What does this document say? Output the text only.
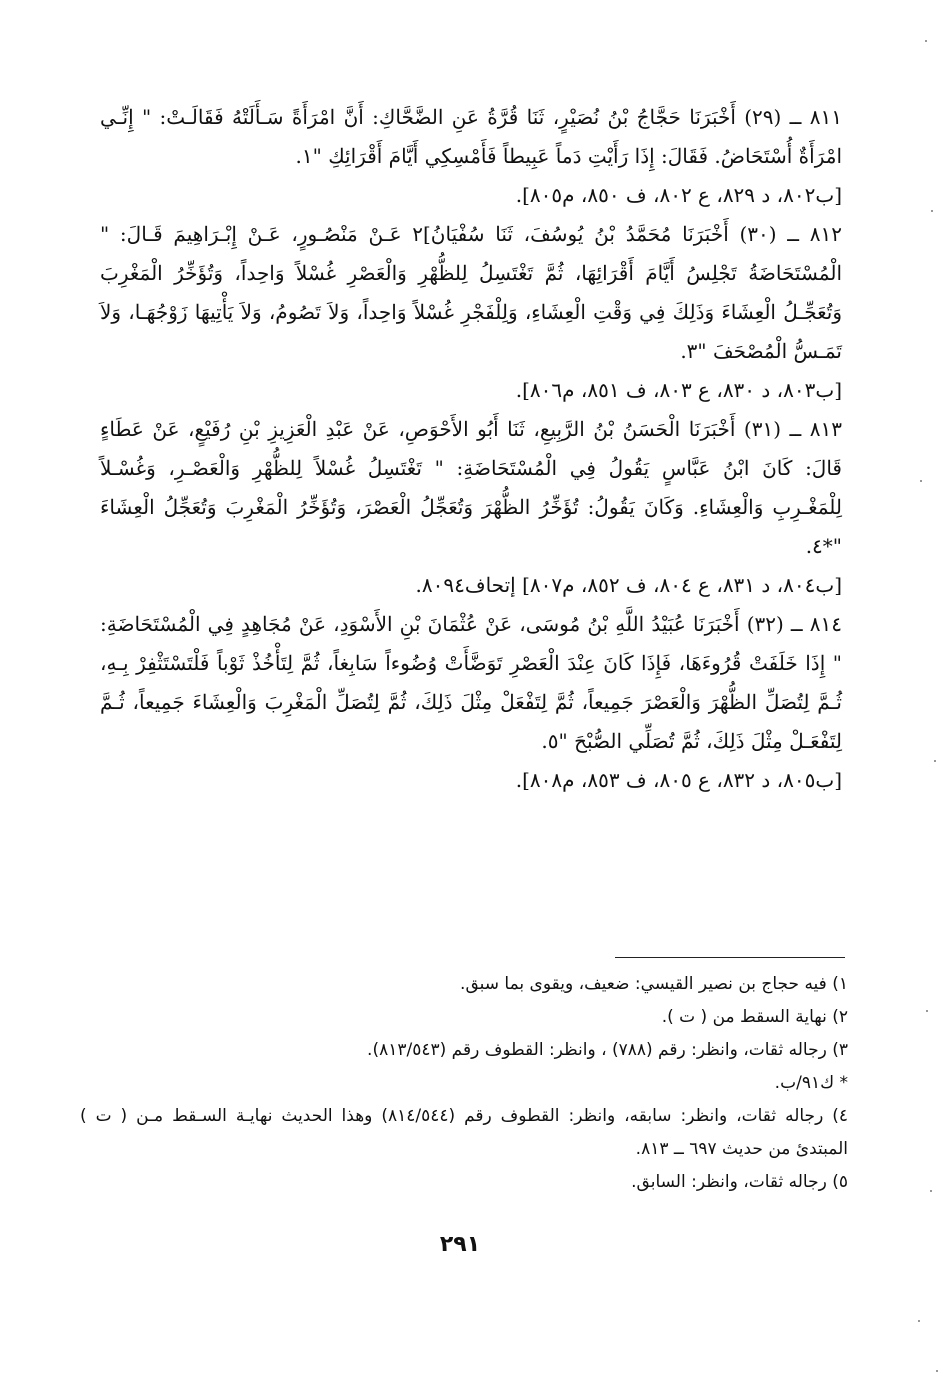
٨١١ ــ (٢٩) أَخْبَرَنَا حَجَّاجُ بْنُ نُصَيْرٍ، ثَنَا قُرَّةُ عَنِ الضَّحَّاكِ: أَنَّ امْرَأَةً سَـأَلَتْهُ فَقَالَـتْ: " إِنِّـي امْرَأَةٌ أُسْتَحَاضُ. فَقَالَ: إِذَا رَأَيْتِ دَماً عَبِيطاً فَأَمْسِكِي أَيَّامَ أَقْرَائِكِ "١.

[ب٨٠٢، د ٨٢٩، ع ٨٠٢، ف ٨٥٠، م٨٠٥].

٨١٢ ــ (٣٠) أَخْبَرَنَا مُحَمَّدُ بْنُ يُوسُفَ، ثَنَا سُفْيَانُ]٢ عَـنْ مَنْصُـورٍ، عَـنْ إِبْـرَاهِيمَ قَـالَ: " الْمُسْتَحَاضَةُ تَجْلِسُ أَيَّامَ أَقْرَائِهَا، ثُمَّ تَغْتَسِلُ لِلظُّهْرِ وَالْعَصْرِ غُسْلاً وَاحِداً، وَتُؤَخِّرُ الْمَغْرِبَ وَتُعَجِّـلُ الْعِشَاءَ وَذَلِكَ فِي وَقْتِ الْعِشَاءِ، وَلِلْفَجْرِ غُسْلاً وَاحِداً، وَلاَ تَصُومُ، وَلاَ يَأْتِيهَا زَوْجُهَـا، وَلاَ تَمَـسُّ الْمُصْحَفَ "٣.

[ب٨٠٣، د ٨٣٠، ع ٨٠٣، ف ٨٥١، م٨٠٦].

٨١٣ ــ (٣١) أَخْبَرَنَا الْحَسَنُ بْنُ الرَّبِيعِ، ثَنَا أَبُو الأَحْوَصِ، عَنْ عَبْدِ الْعَزِيزِ بْنِ رُفَيْعٍ، عَنْ عَطَاءٍ قَالَ: كَانَ ابْنُ عَبَّاسٍ يَقُولُ فِي الْمُسْتَحَاضَةِ: " تَغْتَسِلُ غُسْلاً لِلظُّهْرِ وَالْعَصْـرِ، وَغُسْـلاً لِلْمَغْـرِبِ وَالْعِشَاءِ. وَكَانَ يَقُولُ: تُؤَخِّرُ الظُّهْرَ وَتُعَجِّلُ الْعَصْرَ، وَتُؤَخِّرُ الْمَغْرِبَ وَتُعَجِّلُ الْعِشَاءَ "*٤.

[ب٨٠٤، د ٨٣١، ع ٨٠٤، ف ٨٥٢، م٨٠٧] إتحاف٨٠٩٤.

٨١٤ ــ (٣٢) أَخْبَرَنَا عُبَيْدُ اللَّهِ بْنُ مُوسَى، عَنْ عُثْمَانَ بْنِ الأَسْوَدِ، عَنْ مُجَاهِدٍ فِي الْمُسْتَحَاضَةِ: " إِذَا خَلَفَتْ قُرُوءَهَا، فَإِذَا كَانَ عِنْدَ الْعَصْرِ تَوَضَّأَتْ وُضُوءاً سَابِغاً، ثُمَّ لِتَأْخُذْ ثَوْباً فَلْتَسْتَثْفِرْ بِـهِ، ثُـمَّ لِتُصَلِّ الظُّهْرَ وَالْعَصْرَ جَمِيعاً، ثُمَّ لِتَفْعَلْ مِثْلَ ذَلِكَ، ثُمَّ لِتُصَلِّ الْمَغْرِبَ وَالْعِشَاءَ جَمِيعاً، ثُـمَّ لِتَفْعَـلْ مِثْلَ ذَلِكَ، ثُمَّ تُصَلِّي الصُّبْحَ "٥.

[ب٨٠٥، د ٨٣٢، ع ٨٠٥، ف ٨٥٣، م٨٠٨].

١) فيه حجاج بن نصير القيسي: ضعيف، ويقوى بما سبق.

٢) نهاية السقط من ( ت ).

٣) رجاله ثقات، وانظر: رقم (٧٨٨) ، وانظر: القطوف رقم (٨١٣/٥٤٣).

* ك٩١/ب.

٤) رجاله ثقات، وانظر: سابقه، وانظر: القطوف رقم (٨١٤/٥٤٤) وهذا الحديث نهايـة السـقط مـن ( ت ) المبتدئ من حديث ٦٩٧ ــ ٨١٣.

٥) رجاله ثقات، وانظر: السابق.

٢٩١
